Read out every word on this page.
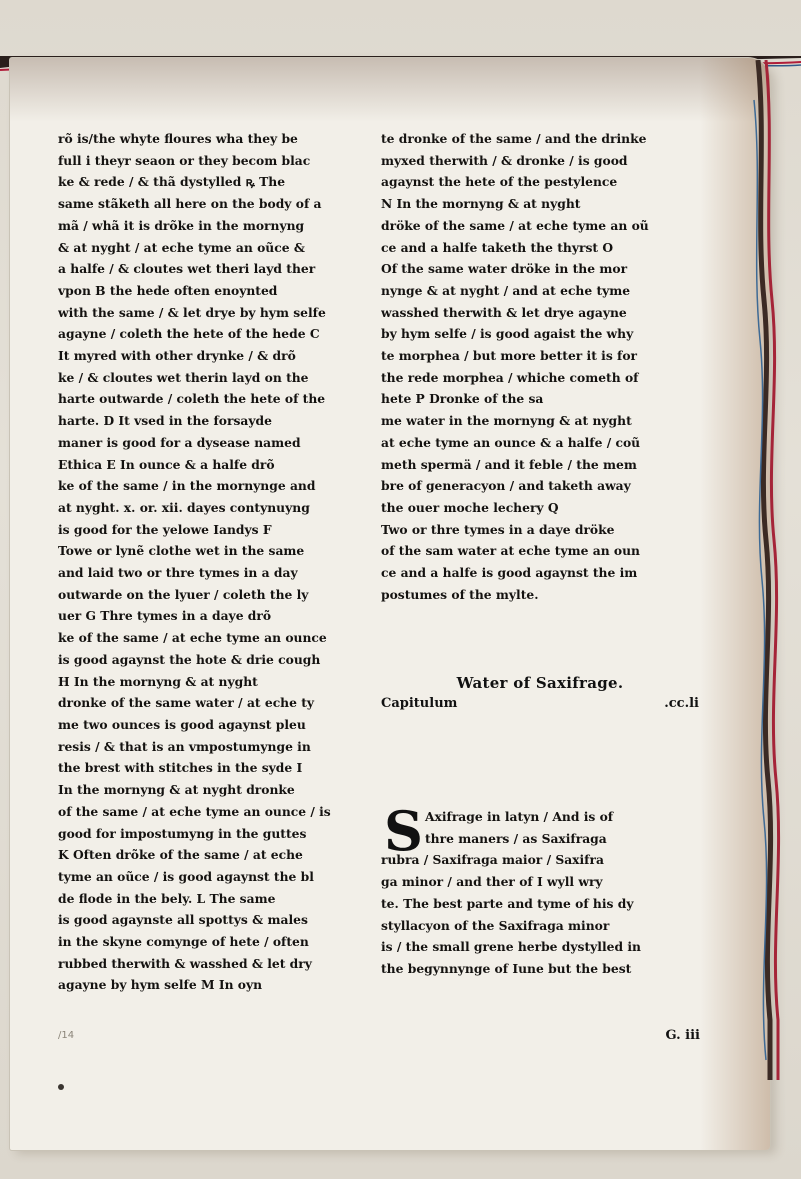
rõ is/the whyte floures wha they be
full i theyr seaon or they becom blac
ke & rede / & thã dystylled ꝶ The
same stãketh all here on the body of a
mã / whã it is drõke in the mornyng
& at nyght / at eche tyme an oũce &
a halfe / & cloutes wet theri layd ther
vpon B the hede often enoynted
with the same / & let drye by hym selfe
agayne / coleth the hete of the hede C
It myred with other drynke / & drõ
ke / & cloutes wet therin layd on the
harte outwarde / coleth the hete of the
harte. D It vsed in the forsayde
maner is good for a dysease named
Ethica E In ounce & a halfe drõ
ke of the same / in the mornynge and
at nyght. x. or. xii. dayes contynuyng
is good for the yelowe Iandys F
Towe or lynẽ clothe wet in the same
and laid two or thre tymes in a day
outwarde on the lyuer / coleth the ly
uer G Thre tymes in a daye drõ
ke of the same / at eche tyme an ounce
is good agaynst the hote & drie cough
H In the mornyng & at nyght
dronke of the same water / at eche ty
me two ounces is good agaynst pleu
resis / & that is an vmpostumynge in
the brest with stitches in the syde I
In the mornyng & at nyght dronke
of the same / at eche tyme an ounce / is
good for impostumyng in the guttes
K Often drõke of the same / at eche
tyme an oũce / is good agaynst the bl
de flode in the bely. L The same
is good agaynste all spottys & males
in the skyne comynge of hete / often
rubbed therwith & wasshed & let dry
agayne by hym selfe M In oyn
te dronke of the same / and the drinke
myxed therwith / & dronke / is good
agaynst the hete of the pestylence
N In the mornyng & at nyght
dröke of the same / at eche tyme an oũ
ce and a halfe taketh the thyrst O
Of the same water dröke in the mor
nynge & at nyght / and at eche tyme
wasshed therwith & let drye agayne
by hym selfe / is good agaist the why
te morphea / but more better it is for
the rede morphea / whiche cometh of
hete P Dronke of the sa
me water in the mornyng & at nyght
at eche tyme an ounce & a halfe / coũ
meth spermä / and it feble / the mem
bre of generacyon / and taketh away
the ouer moche lechery Q
Two or thre tymes in a daye dröke
of the sam water at eche tyme an oun
ce and a halfe is good agaynst the im
postumes of the mylte.
Water of Saxifrage.
Capitulum	.cc.li
S Axifrage in latyn / And is of
thre maners / as Saxifraga
rubra / Saxifraga maior / Saxifra
ga minor / and ther of I wyll wry
te. The best parte and tyme of his dy
styllacyon of the Saxifraga minor
is / the small grene herbe dystylled in
the begynnynge of Iune but the best
G. iii
/14
